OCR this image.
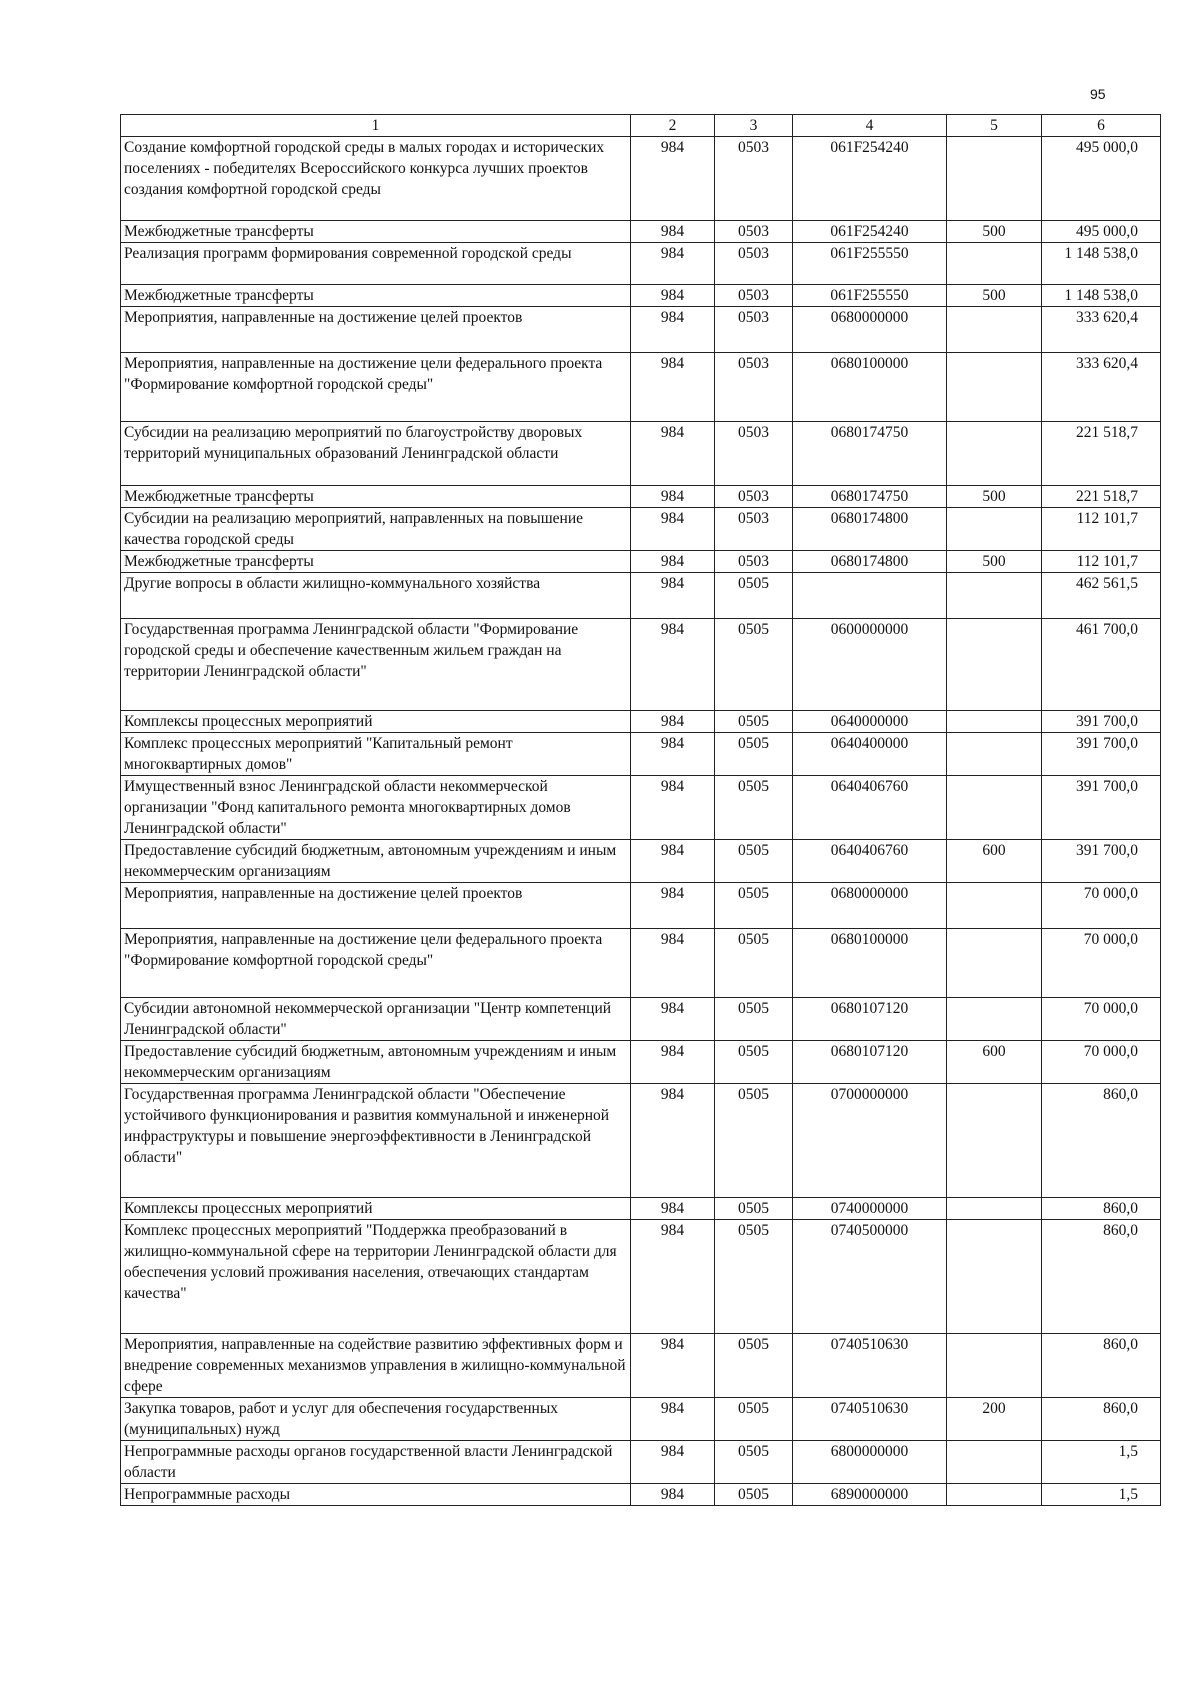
95
1	2	3	4	5	6
Создание комфортной городской среды в малых городах и исторических поселениях - победителях Всероссийского конкурса лучших проектов создания комфортной городской среды	984	0503	061F254240		495 000,0
Межбюджетные трансферты	984	0503	061F254240	500	495 000,0
Реализация программ формирования современной городской среды	984	0503	061F255550		1 148 538,0
Межбюджетные трансферты	984	0503	061F255550	500	1 148 538,0
Мероприятия, направленные на достижение целей проектов	984	0503	0680000000		333 620,4
Мероприятия, направленные на достижение цели федерального проекта "Формирование комфортной городской среды"	984	0503	0680100000		333 620,4
Субсидии на реализацию мероприятий по благоустройству дворовых территорий муниципальных образований Ленинградской области	984	0503	0680174750		221 518,7
Межбюджетные трансферты	984	0503	0680174750	500	221 518,7
Субсидии на реализацию мероприятий, направленных на повышение качества городской среды	984	0503	0680174800		112 101,7
Межбюджетные трансферты	984	0503	0680174800	500	112 101,7
Другие вопросы в области жилищно-коммунального хозяйства	984	0505			462 561,5
Государственная программа Ленинградской области "Формирование городской среды и обеспечение качественным жильем граждан на территории Ленинградской области"	984	0505	0600000000		461 700,0
Комплексы процессных мероприятий	984	0505	0640000000		391 700,0
Комплекс процессных мероприятий "Капитальный ремонт многоквартирных домов"	984	0505	0640400000		391 700,0
Имущественный взнос Ленинградской области некоммерческой организации "Фонд капитального ремонта многоквартирных домов Ленинградской области"	984	0505	0640406760		391 700,0
Предоставление субсидий бюджетным, автономным учреждениям и иным некоммерческим организациям	984	0505	0640406760	600	391 700,0
Мероприятия, направленные на достижение целей проектов	984	0505	0680000000		70 000,0
Мероприятия, направленные на достижение цели федерального проекта "Формирование комфортной городской среды"	984	0505	0680100000		70 000,0
Субсидии автономной некоммерческой организации "Центр компетенций Ленинградской области"	984	0505	0680107120		70 000,0
Предоставление субсидий бюджетным, автономным учреждениям и иным некоммерческим организациям	984	0505	0680107120	600	70 000,0
Государственная программа Ленинградской области "Обеспечение устойчивого функционирования и развития коммунальной и инженерной инфраструктуры и повышение энергоэффективности в Ленинградской области"	984	0505	0700000000		860,0
Комплексы процессных мероприятий	984	0505	0740000000		860,0
Комплекс процессных мероприятий "Поддержка преобразований в жилищно-коммунальной сфере на территории Ленинградской области для обеспечения условий проживания населения, отвечающих стандартам качества"	984	0505	0740500000		860,0
Мероприятия, направленные на содействие развитию эффективных форм и внедрение современных механизмов управления в жилищно-коммунальной сфере	984	0505	0740510630		860,0
Закупка товаров, работ и услуг для обеспечения государственных (муниципальных) нужд	984	0505	0740510630	200	860,0
Непрограммные расходы органов государственной власти Ленинградской области	984	0505	6800000000		1,5
Непрограммные расходы	984	0505	6890000000		1,5
